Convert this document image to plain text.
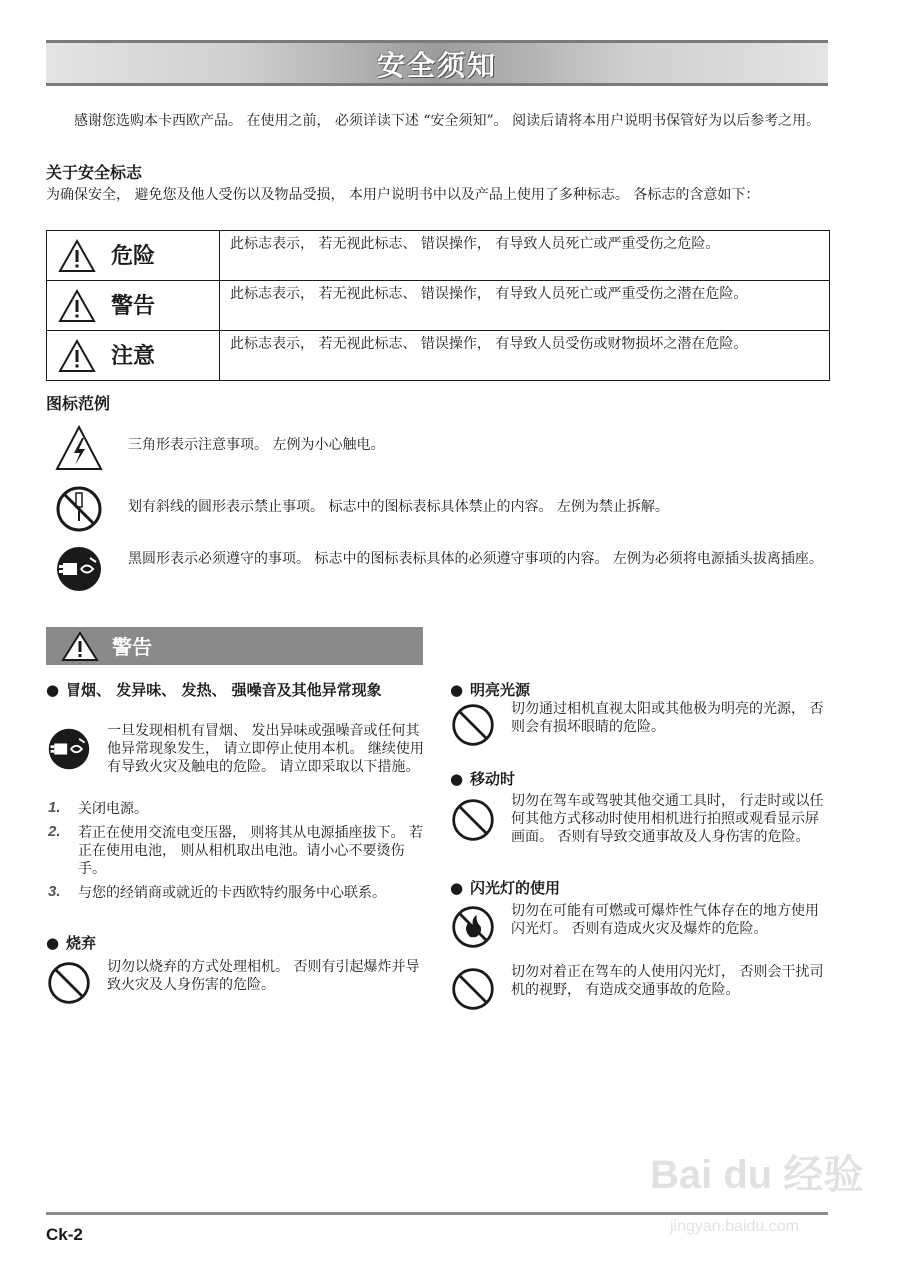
安全须知
感谢您选购本卡西欧产品。 在使用之前， 必须详读下述 “安全须知”。 阅读后请将本用户说明书保管好为以后参考之用。
关于安全标志
为确保安全， 避免您及他人受伤以及物品受损， 本用户说明书中以及产品上使用了多种标志。 各标志的含意如下：
危险	此标志表示， 若无视此标志、 错误操作， 有导致人员死亡或严重受伤之危险。

警告	此标志表示， 若无视此标志、 错误操作， 有导致人员死亡或严重受伤之潜在危险。

注意	此标志表示， 若无视此标志、 错误操作， 有导致人员受伤或财物损坏之潜在危险。
图标范例
三角形表示注意事项。 左例为小心触电。
划有斜线的圆形表示禁止事项。 标志中的图标表标具体禁止的内容。 左例为禁止拆解。
黑圆形表示必须遵守的事项。 标志中的图标表标具体的必须遵守事项的内容。 左例为必须将电源插头拔离插座。
警告
● 冒烟、 发异味、 发热、 强噪音及其他异常现象
一旦发现相机有冒烟、 发出异味或强噪音或任何其他异常现象发生， 请立即停止使用本机。 继续使用有导致火灾及触电的危险。 请立即采取以下措施。
1. 关闭电源。
2. 若正在使用交流电变压器， 则将其从电源插座拔下。 若正在使用电池， 则从相机取出电池。请小心不要烫伤手。
3. 与您的经销商或就近的卡西欧特约服务中心联系。
● 烧弃
切勿以烧弃的方式处理相机。 否则有引起爆炸并导致火灾及人身伤害的危险。
● 明亮光源
切勿通过相机直视太阳或其他极为明亮的光源， 否则会有损坏眼睛的危险。
● 移动时
切勿在驾车或驾驶其他交通工具时， 行走时或以任何其他方式移动时使用相机进行拍照或观看显示屏画面。 否则有导致交通事故及人身伤害的危险。
● 闪光灯的使用
切勿在可能有可燃或可爆炸性气体存在的地方使用闪光灯。 否则有造成火灾及爆炸的危险。
切勿对着正在驾车的人使用闪光灯， 否则会干扰司机的视野， 有造成交通事故的危险。
Bai du 经验
jingyan.baidu.com
Ck-2
